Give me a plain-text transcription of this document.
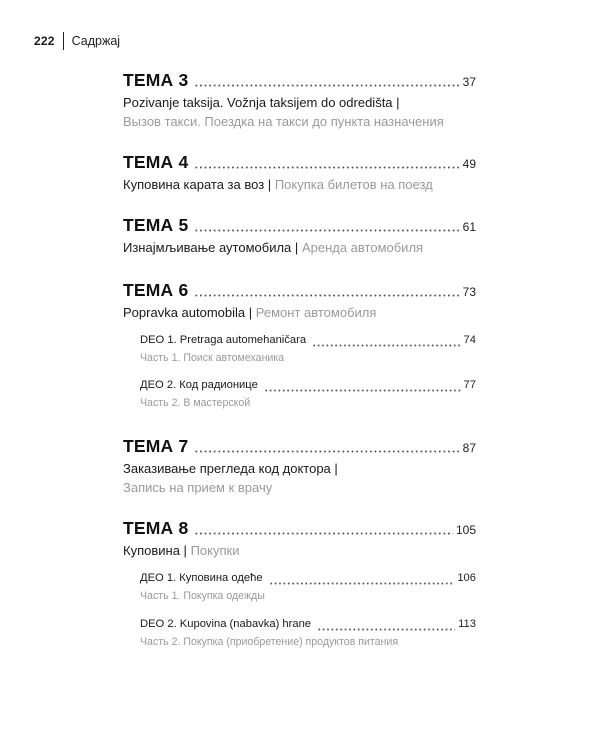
222 Садржај
ТЕМА 3	37
Pozivanje taksija. Vožnja taksijem do odredišta |
Вызов такси. Поездка на такси до пункта назначения
ТЕМА 4	49
Куповина карата за воз | Покупка билетов на поезд
ТЕМА 5	61
Изнајмљивање аутомобила | Аренда автомобиля
ТЕМА 6	73
Popravka automobila | Ремонт автомобиля
DEO 1. Pretraga automehaničara	74
Часть 1. Поиск автомеханика
ДЕО 2. Код радионице	77
Часть 2. В мастерской
ТЕМА 7	87
Заказивање прегледа код доктора |
Запись на прием к врачу
ТЕМА 8	105
Куповина | Покупки
ДЕО 1. Куповина одеће	106
Часть 1. Покупка одежды
DEO 2. Kupovina (nabavka) hrane	113
Часть 2. Покупка (приобретение) продуктов питания
